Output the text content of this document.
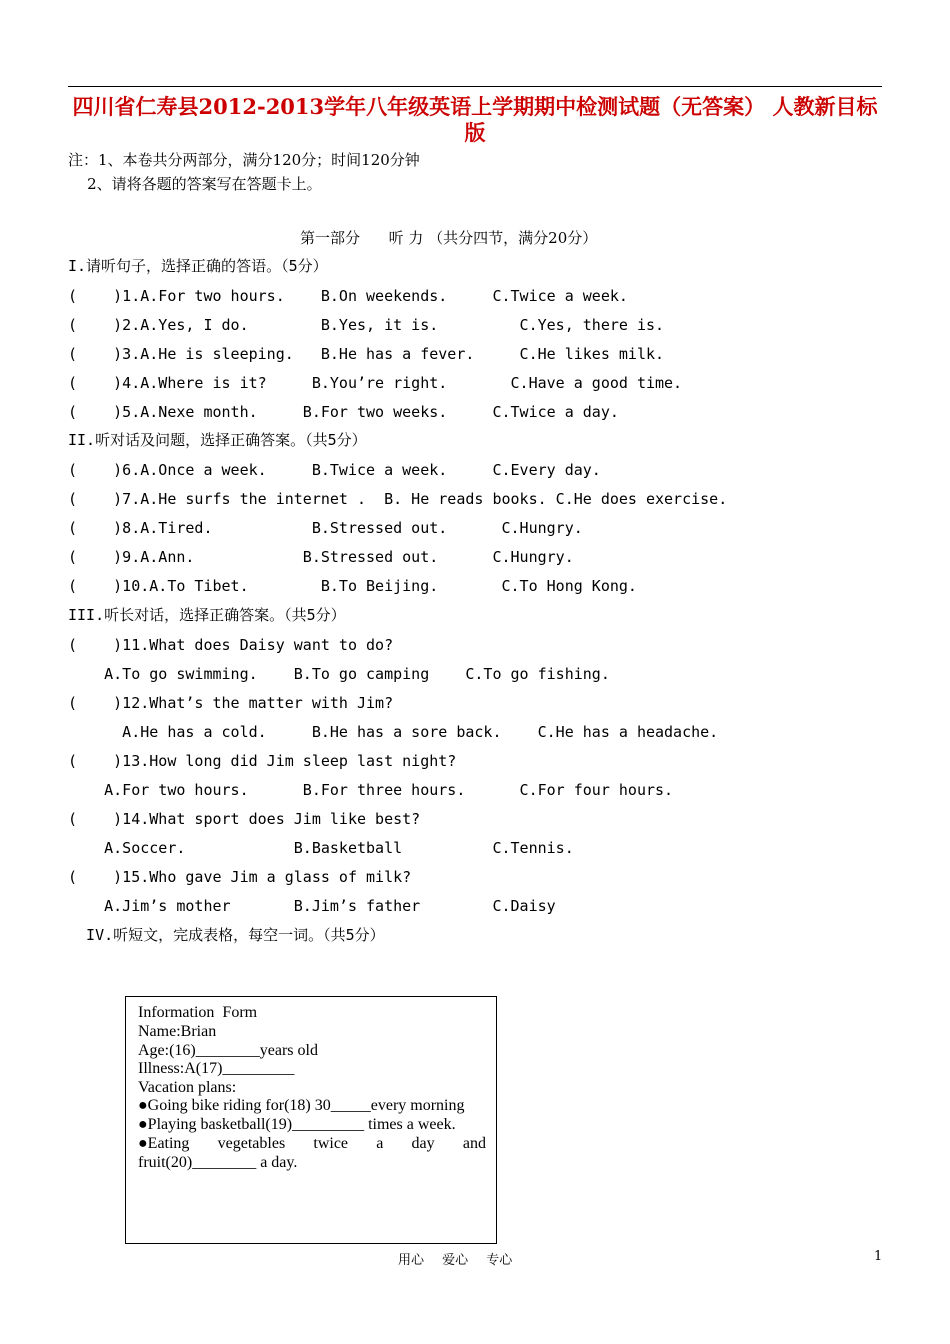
四川省仁寿县2012-2013学年八年级英语上学期期中检测试题（无答案） 人教新目标版
注：1、本卷共分两部分，满分120分；时间120分钟
2、请将各题的答案写在答题卡上。
第一部分      听 力 （共分四节，满分20分）
I.请听句子，选择正确的答语。（5分）
(    )1.A.For two hours.    B.On weekends.     C.Twice a week.
(    )2.A.Yes, I do.        B.Yes, it is.         C.Yes, there is.
(    )3.A.He is sleeping.   B.He has a fever.     C.He likes milk.
(    )4.A.Where is it?     B.You’re right.       C.Have a good time.
(    )5.A.Nexe month.     B.For two weeks.     C.Twice a day.
II.听对话及问题，选择正确答案。（共5分）
(    )6.A.Once a week.     B.Twice a week.     C.Every day.
(    )7.A.He surfs the internet .  B. He reads books. C.He does exercise.
(    )8.A.Tired.           B.Stressed out.      C.Hungry.
(    )9.A.Ann.            B.Stressed out.      C.Hungry.
(    )10.A.To Tibet.        B.To Beijing.       C.To Hong Kong.
III.听长对话，选择正确答案。（共5分）
(    )11.What does Daisy want to do?
A.To go swimming.    B.To go camping    C.To go fishing.
(    )12.What’s the matter with Jim?
A.He has a cold.     B.He has a sore back.    C.He has a headache.
(    )13.How long did Jim sleep last night?
A.For two hours.      B.For three hours.      C.For four hours.
(    )14.What sport does Jim like best?
A.Soccer.            B.Basketball          C.Tennis.
(    )15.Who gave Jim a glass of milk?
A.Jim’s mother       B.Jim’s father        C.Daisy
IV.听短文，完成表格，每空一词。（共5分）
Information  Form
Name:Brian
Age:(16)________years old
Illness:A(17)_________
Vacation plans:
●Going bike riding for(18) 30_____every morning
●Playing basketball(19)_________ times a week.
●Eating vegetables twice a day and
fruit(20)________ a day.
用心 爱心 专心	1
